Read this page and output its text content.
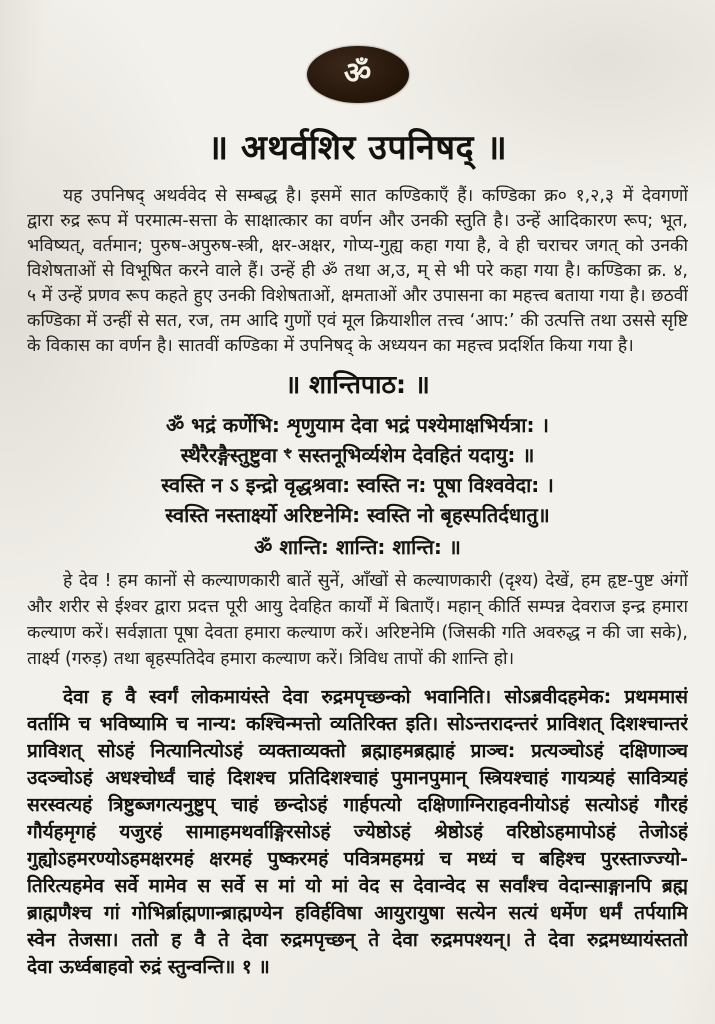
ॐ
॥ अथर्वशिर उपनिषद् ॥
यह उपनिषद् अथर्ववेद से सम्बद्ध है। इसमें सात कण्डिकाएँ हैं। कण्डिका क्र० १,२,३ में देवगणों
द्वारा रुद्र रूप में परमात्म-सत्ता के साक्षात्कार का वर्णन और उनकी स्तुति है। उन्हें आदिकारण रूप; भूत,
भविष्यत्, वर्तमान; पुरुष-अपुरुष-स्त्री, क्षर-अक्षर, गोप्य-गुह्य कहा गया है, वे ही चराचर जगत् को उनकी
विशेषताओं से विभूषित करने वाले हैं। उन्हें ही ॐ तथा अ,उ, म् से भी परे कहा गया है। कण्डिका क्र. ४,
५ में उन्हें प्रणव रूप कहते हुए उनकी विशेषताओं, क्षमताओं और उपासना का महत्त्व बताया गया है। छठवीं
कण्डिका में उन्हीं से सत, रज, तम आदि गुणों एवं मूल क्रियाशील तत्त्व ‘आप:’ की उत्पत्ति तथा उससे सृष्टि
के विकास का वर्णन है। सातवीं कण्डिका में उपनिषद् के अध्ययन का महत्त्व प्रदर्शित किया गया है।
॥ शान्तिपाठ: ॥
ॐ भद्रं कर्णेभि: शृणुयाम देवा भद्रं पश्येमाक्षभिर्यत्रा: ।
स्थैरैरङ्गैस्तुष्टुवा ꣳ सस्तनूभिर्व्यशेम देवहितं यदायु: ॥
स्वस्ति न ऽ इन्द्रो वृद्धश्रवा: स्वस्ति न: पूषा विश्ववेदा: ।
स्वस्ति नस्तार्क्ष्यो अरिष्टनेमि: स्वस्ति नो बृहस्पतिर्दधातु॥
ॐ शान्ति: शान्ति: शान्ति: ॥
हे देव ! हम कानों से कल्याणकारी बातें सुनें, आँखों से कल्याणकारी (दृश्य) देखें, हम हृष्ट-पुष्ट अंगों
और शरीर से ईश्वर द्वारा प्रदत्त पूरी आयु देवहित कार्यों में बिताएँ। महान् कीर्ति सम्पन्न देवराज इन्द्र हमारा
कल्याण करें। सर्वज्ञाता पूषा देवता हमारा कल्याण करें। अरिष्टनेमि (जिसकी गति अवरुद्ध न की जा सके),
तार्क्ष्य (गरुड़) तथा बृहस्पतिदेव हमारा कल्याण करें। त्रिविध तापों की शान्ति हो।
देवा ह वै स्वर्गं लोकमायंस्ते देवा रुद्रमपृच्छन्को भवानिति। सोऽब्रवीदहमेक: प्रथममासं
वर्तामि च भविष्यामि च नान्य: कश्चिन्मत्तो व्यतिरिक्त इति। सोऽन्तरादन्तरं प्राविशत् दिशश्चान्तरं
प्राविशत् सोऽहं नित्यानित्योऽहं व्यक्ताव्यक्तो ब्रह्माहमब्रह्माहं प्राञ्च: प्रत्यञ्चोऽहं दक्षिणाञ्च
उदञ्चोऽहं अधश्चोर्ध्वं चाहं दिशश्च प्रतिदिशश्चाहं पुमानपुमान् स्त्रियश्चाहं गायत्र्यहं सावित्र्यहं
सरस्वत्यहं त्रिष्टुब्जगत्यनुष्टुप् चाहं छन्दोऽहं गार्हपत्यो दक्षिणाग्निराहवनीयोऽहं सत्योऽहं गौरहं
गौर्यहमृगहं यजुरहं सामाहमथर्वाङ्गिरसोऽहं ज्येष्ठोऽहं श्रेष्ठोऽहं वरिष्ठोऽहमापोऽहं तेजोऽहं
गुह्योऽहमरण्योऽहमक्षरमहं क्षरमहं पुष्करमहं पवित्रमहमग्रं च मध्यं च बहिश्च पुरस्ताज्ज्यो-
तिरित्यहमेव सर्वे मामेव स सर्वे स मां यो मां वेद स देवान्वेद स सर्वांश्च वेदान्साङ्गानपि ब्रह्म
ब्राह्मणैश्च गां गोभिर्ब्राह्मणान्ब्राह्मण्येन हविर्हविषा आयुरायुषा सत्येन सत्यं धर्मेण धर्मं तर्पयामि
स्वेन तेजसा। ततो ह वै ते देवा रुद्रमपृच्छन् ते देवा रुद्रमपश्यन्। ते देवा रुद्रमध्यायंस्ततो
देवा ऊर्ध्वबाहवो रुद्रं स्तुन्वन्ति॥ १ ॥
